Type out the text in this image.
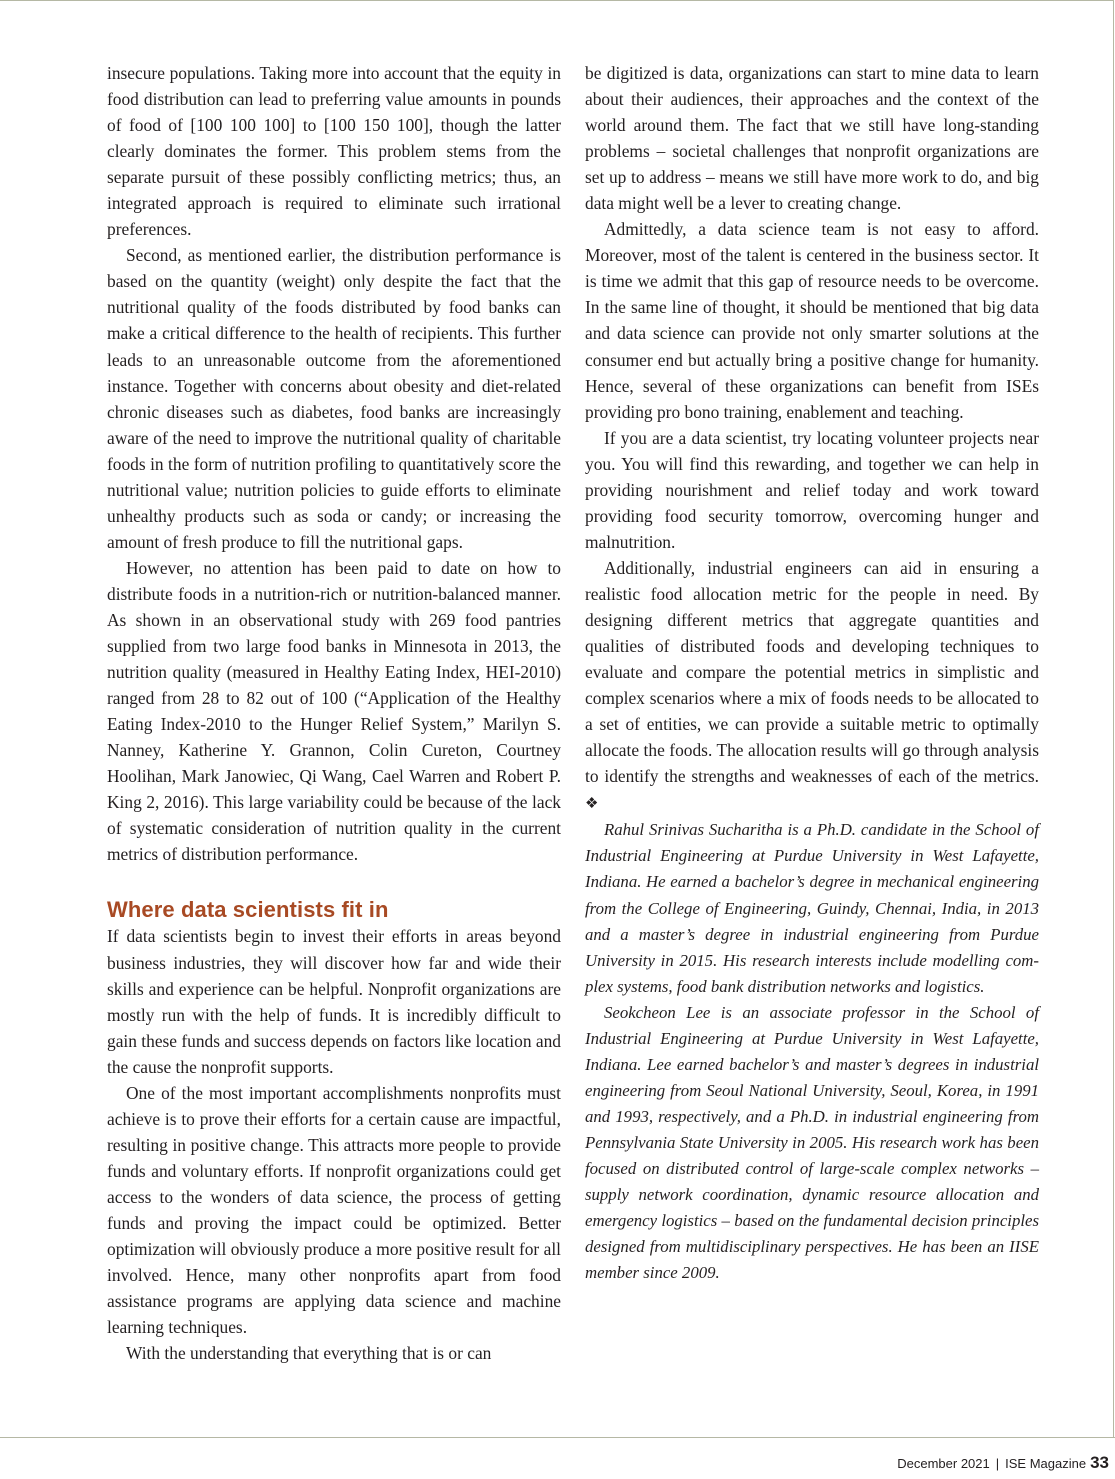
insecure populations. Taking more into account that the equity in food distribution can lead to preferring value amounts in pounds of food of [100 100 100] to [100 150 100], though the latter clearly dominates the former. This problem stems from the separate pursuit of these possibly conflicting metrics; thus, an integrated approach is required to eliminate such irrational preferences.

Second, as mentioned earlier, the distribution performance is based on the quantity (weight) only despite the fact that the nutritional quality of the foods distributed by food banks can make a critical difference to the health of recipients. This further leads to an unreasonable outcome from the aforementioned instance. Together with concerns about obesity and diet-related chronic diseases such as diabetes, food banks are increasingly aware of the need to improve the nutritional quality of charitable foods in the form of nutrition profiling to quantitatively score the nutritional value; nutrition policies to guide efforts to eliminate unhealthy products such as soda or candy; or increasing the amount of fresh produce to fill the nutritional gaps.

However, no attention has been paid to date on how to distribute foods in a nutrition-rich or nutrition-balanced manner. As shown in an observational study with 269 food pantries supplied from two large food banks in Minnesota in 2013, the nutrition quality (measured in Healthy Eating Index, HEI-2010) ranged from 28 to 82 out of 100 (“Application of the Healthy Eating Index-2010 to the Hunger Relief System,” Marilyn S. Nanney, Katherine Y. Grannon, Colin Cureton, Courtney Hoolihan, Mark Janowiec, Qi Wang, Cael Warren and Robert P. King 2, 2016). This large variability could be because of the lack of systematic consideration of nutrition quality in the current metrics of distribution performance.

Where data scientists fit in

If data scientists begin to invest their efforts in areas beyond business industries, they will discover how far and wide their skills and experience can be helpful. Nonprofit organizations are mostly run with the help of funds. It is incredibly difficult to gain these funds and success depends on factors like location and the cause the nonprofit supports.

One of the most important accomplishments nonprofits must achieve is to prove their efforts for a certain cause are impactful, resulting in positive change. This attracts more people to provide funds and voluntary efforts. If nonprofit organizations could get access to the wonders of data science, the process of getting funds and proving the impact could be optimized. Better optimization will obviously produce a more positive result for all involved. Hence, many other nonprofits apart from food assistance programs are applying data science and machine learning techniques.

With the understanding that everything that is or can

be digitized is data, organizations can start to mine data to learn about their audiences, their approaches and the context of the world around them. The fact that we still have long-standing problems – societal challenges that nonprofit organizations are set up to address – means we still have more work to do, and big data might well be a lever to creating change.

Admittedly, a data science team is not easy to afford. Moreover, most of the talent is centered in the business sector. It is time we admit that this gap of resource needs to be overcome. In the same line of thought, it should be mentioned that big data and data science can provide not only smarter solutions at the consumer end but actually bring a positive change for humanity. Hence, several of these organizations can benefit from ISEs providing pro bono training, enablement and teaching.

If you are a data scientist, try locating volunteer projects near you. You will find this rewarding, and together we can help in providing nourishment and relief today and work toward providing food security tomorrow, overcoming hunger and malnutrition.

Additionally, industrial engineers can aid in ensuring a realistic food allocation metric for the people in need. By designing different metrics that aggregate quantities and qualities of distributed foods and developing techniques to evaluate and compare the potential metrics in simplistic and complex scenarios where a mix of foods needs to be allocated to a set of entities, we can provide a suitable metric to optimally allocate the foods. The allocation results will go through analysis to identify the strengths and weaknesses of each of the metrics. ❖

Rahul Srinivas Sucharitha is a Ph.D. candidate in the School of Industrial Engineering at Purdue University in West Lafayette, Indiana. He earned a bachelor’s degree in mechanical engineering from the College of Engineering, Guindy, Chennai, India, in 2013 and a master’s degree in industrial engineering from Purdue University in 2015. His research interests include modelling complex systems, food bank distribution networks and logistics.

Seokcheon Lee is an associate professor in the School of Industrial Engineering at Purdue University in West Lafayette, Indiana. Lee earned bachelor’s and master’s degrees in industrial engineering from Seoul National University, Seoul, Korea, in 1991 and 1993, respectively, and a Ph.D. in industrial engineering from Pennsylvania State University in 2005. His research work has been focused on distributed control of large-scale complex networks – supply network coordination, dynamic resource allocation and emergency logistics – based on the fundamental decision principles designed from multidisciplinary perspectives. He has been an IISE member since 2009.

December 2021 | ISE Magazine 33
